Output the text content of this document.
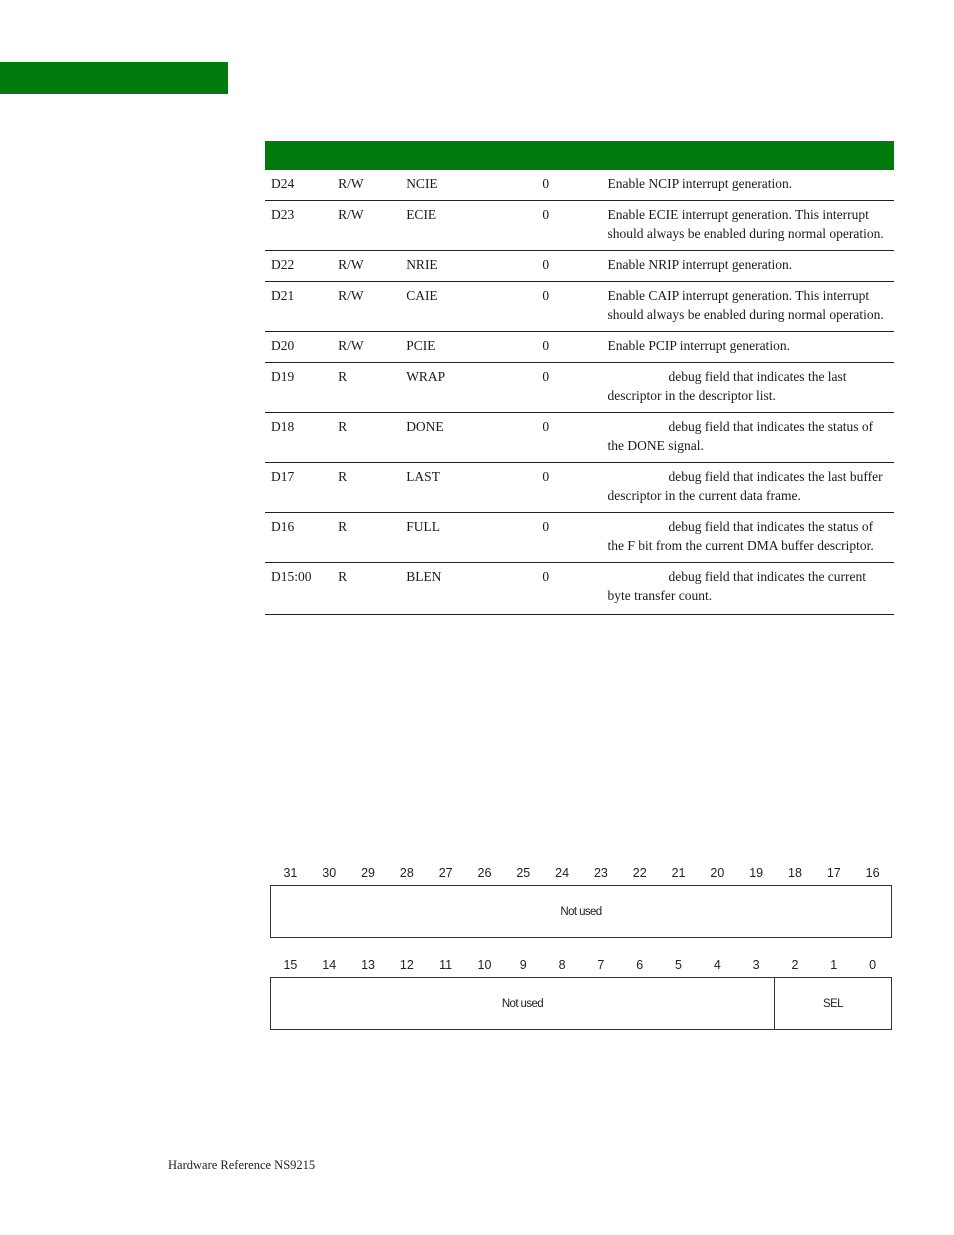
D24	R/W	NCIE	0	Enable NCIP interrupt generation.
D23	R/W	ECIE	0	Enable ECIE interrupt generation. This interrupt should always be enabled during normal operation.
D22	R/W	NRIE	0	Enable NRIP interrupt generation.
D21	R/W	CAIE	0	Enable CAIP interrupt generation. This interrupt should always be enabled during normal operation.
D20	R/W	PCIE	0	Enable PCIP interrupt generation.
D19	R	WRAP	0	debug field that indicates the last descriptor in the descriptor list.
D18	R	DONE	0	debug field that indicates the status of the DONE signal.
D17	R	LAST	0	debug field that indicates the last buffer descriptor in the current data frame.
D16	R	FULL	0	debug field that indicates the status of the F bit from the current DMA buffer descriptor.
D15:00	R	BLEN	0	debug field that indicates the current byte transfer count.
31	30	29	28	27	26	25	24	23	22	21	20	19	18	17	16
Not used
15	14	13	12	11	10	9	8	7	6	5	4	3	2	1	0
Not used	SEL
Hardware Reference NS9215
